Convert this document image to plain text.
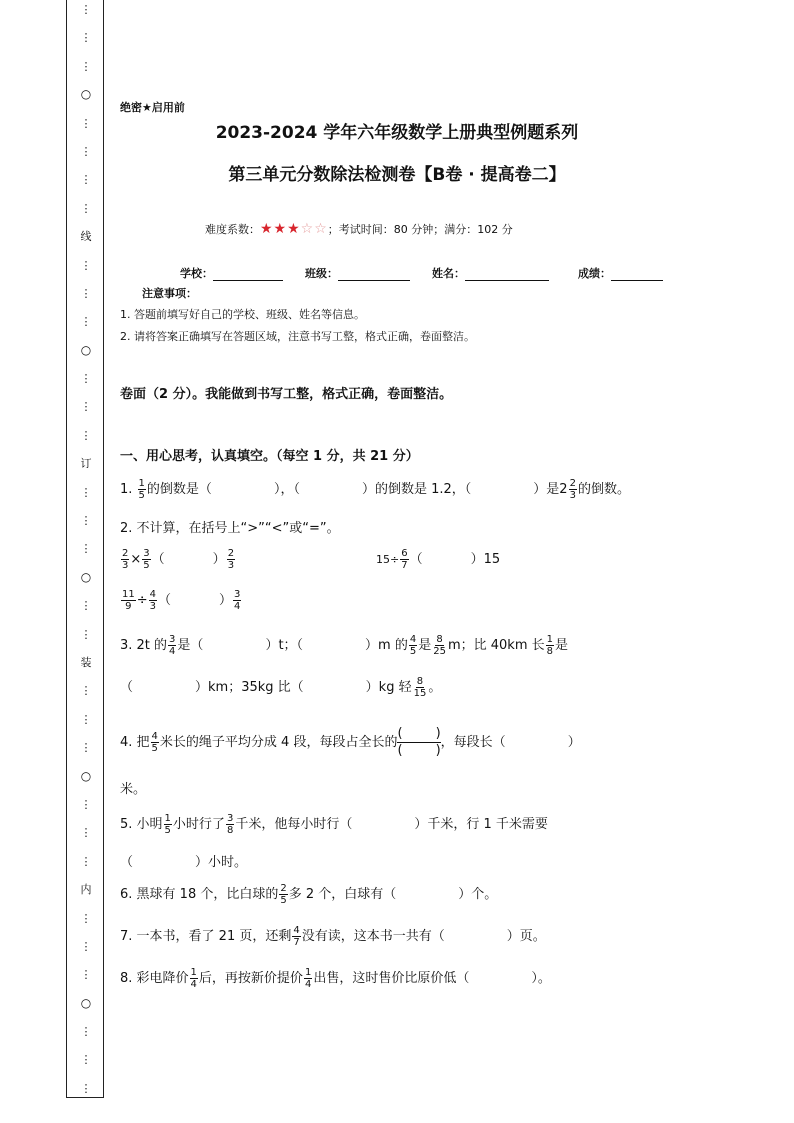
⋮
⋮
⋮
○
⋮
⋮
⋮
⋮
线
⋮
⋮
⋮
○
⋮
⋮
⋮
订
⋮
⋮
⋮
○
⋮
⋮
装
⋮
⋮
⋮
○
⋮
⋮
⋮
内
⋮
⋮
⋮
○
⋮
⋮
⋮
绝密★启用前
2023-2024 学年六年级数学上册典型例题系列
第三单元分数除法检测卷【B卷 · 提高卷二】
难度系数：★★★☆☆；考试时间：80 分钟；满分：102 分
学校：	班级：	姓名：	成绩：
注意事项：
1. 答题前填写好自己的学校、班级、姓名等信息。
2. 请将答案正确填写在答题区域，注意书写工整，格式正确，卷面整洁。
卷面（2 分）。我能做到书写工整，格式正确，卷面整洁。
一、用心思考，认真填空。（每空 1 分，共 21 分）
1. $\frac{1}{5}$ 的倒数是（	），（	）的倒数是 1.2，（	）是$2 \frac{2}{3}$ 的倒数。
2. 不计算，在括号上“>”“<”或“=”。
$\frac{2}{3} \times \frac{3}{5}$ （	） $\frac{2}{3}$	$15\div \frac{6}{7}$ （	）15
$\frac{11}{9} \div \frac{4}{3}$ （	） $\frac{3}{4}$
3. 2t 的 $\frac{3}{4}$ 是（	）t；（	）m 的 $\frac{4}{5}$ 是 $\frac{8}{25}$ m；比 40km 长 $\frac{1}{8}$ 是
（	）km；35kg 比（	）kg 轻 $\frac{8}{15}$ 。
4. 把 $\frac{4}{5}$ 米长的绳子平均分成 4 段，每段占全长的
(        )
(        )
，每段长（	）
米。
5. 小明 $\frac{1}{5}$ 小时行了 $\frac{3}{8}$ 千米，他每小时行（	）千米，行 1 千米需要
（	）小时。
6. 黑球有 18 个，比白球的 $\frac{2}{5}$ 多 2 个，白球有（	）个。
7. 一本书，看了 21 页，还剩 $\frac{4}{7}$ 没有读，这本书一共有（	）页。
8. 彩电降价 $\frac{1}{4}$ 后，再按新价提价 $\frac{1}{4}$ 出售，这时售价比原价低（	）。
